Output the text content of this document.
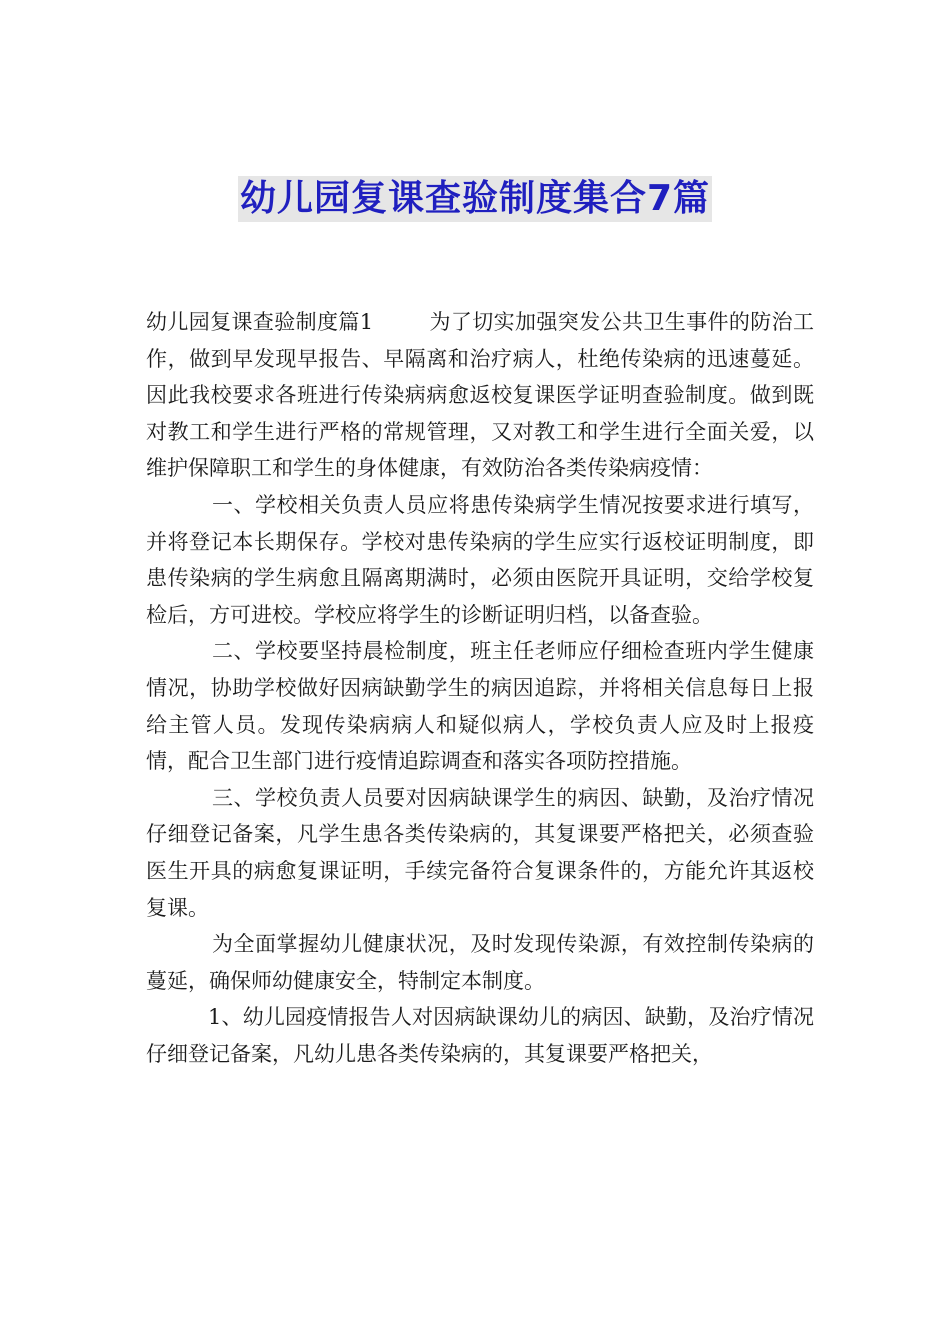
幼儿园复课查验制度集合7篇

幼儿园复课查验制度篇1	为了切实加强突发公共卫生事件的防治工作，做到早发现早报告、早隔离和治疗病人，杜绝传染病的迅速蔓延。因此我校要求各班进行传染病病愈返校复课医学证明查验制度。做到既对教工和学生进行严格的常规管理，又对教工和学生进行全面关爱，以维护保障职工和学生的身体健康，有效防治各类传染病疫情：

一、学校相关负责人员应将患传染病学生情况按要求进行填写，并将登记本长期保存。学校对患传染病的学生应实行返校证明制度，即患传染病的学生病愈且隔离期满时，必须由医院开具证明，交给学校复检后，方可进校。学校应将学生的诊断证明归档，以备查验。

二、学校要坚持晨检制度，班主任老师应仔细检查班内学生健康情况，协助学校做好因病缺勤学生的病因追踪，并将相关信息每日上报给主管人员。发现传染病病人和疑似病人，学校负责人应及时上报疫情，配合卫生部门进行疫情追踪调查和落实各项防控措施。

三、学校负责人员要对因病缺课学生的病因、缺勤，及治疗情况仔细登记备案，凡学生患各类传染病的，其复课要严格把关，必须查验医生开具的病愈复课证明，手续完备符合复课条件的，方能允许其返校复课。

为全面掌握幼儿健康状况，及时发现传染源，有效控制传染病的蔓延，确保师幼健康安全，特制定本制度。

1、幼儿园疫情报告人对因病缺课幼儿的病因、缺勤，及治疗情况仔细登记备案，凡幼儿患各类传染病的，其复课要严格把关，
